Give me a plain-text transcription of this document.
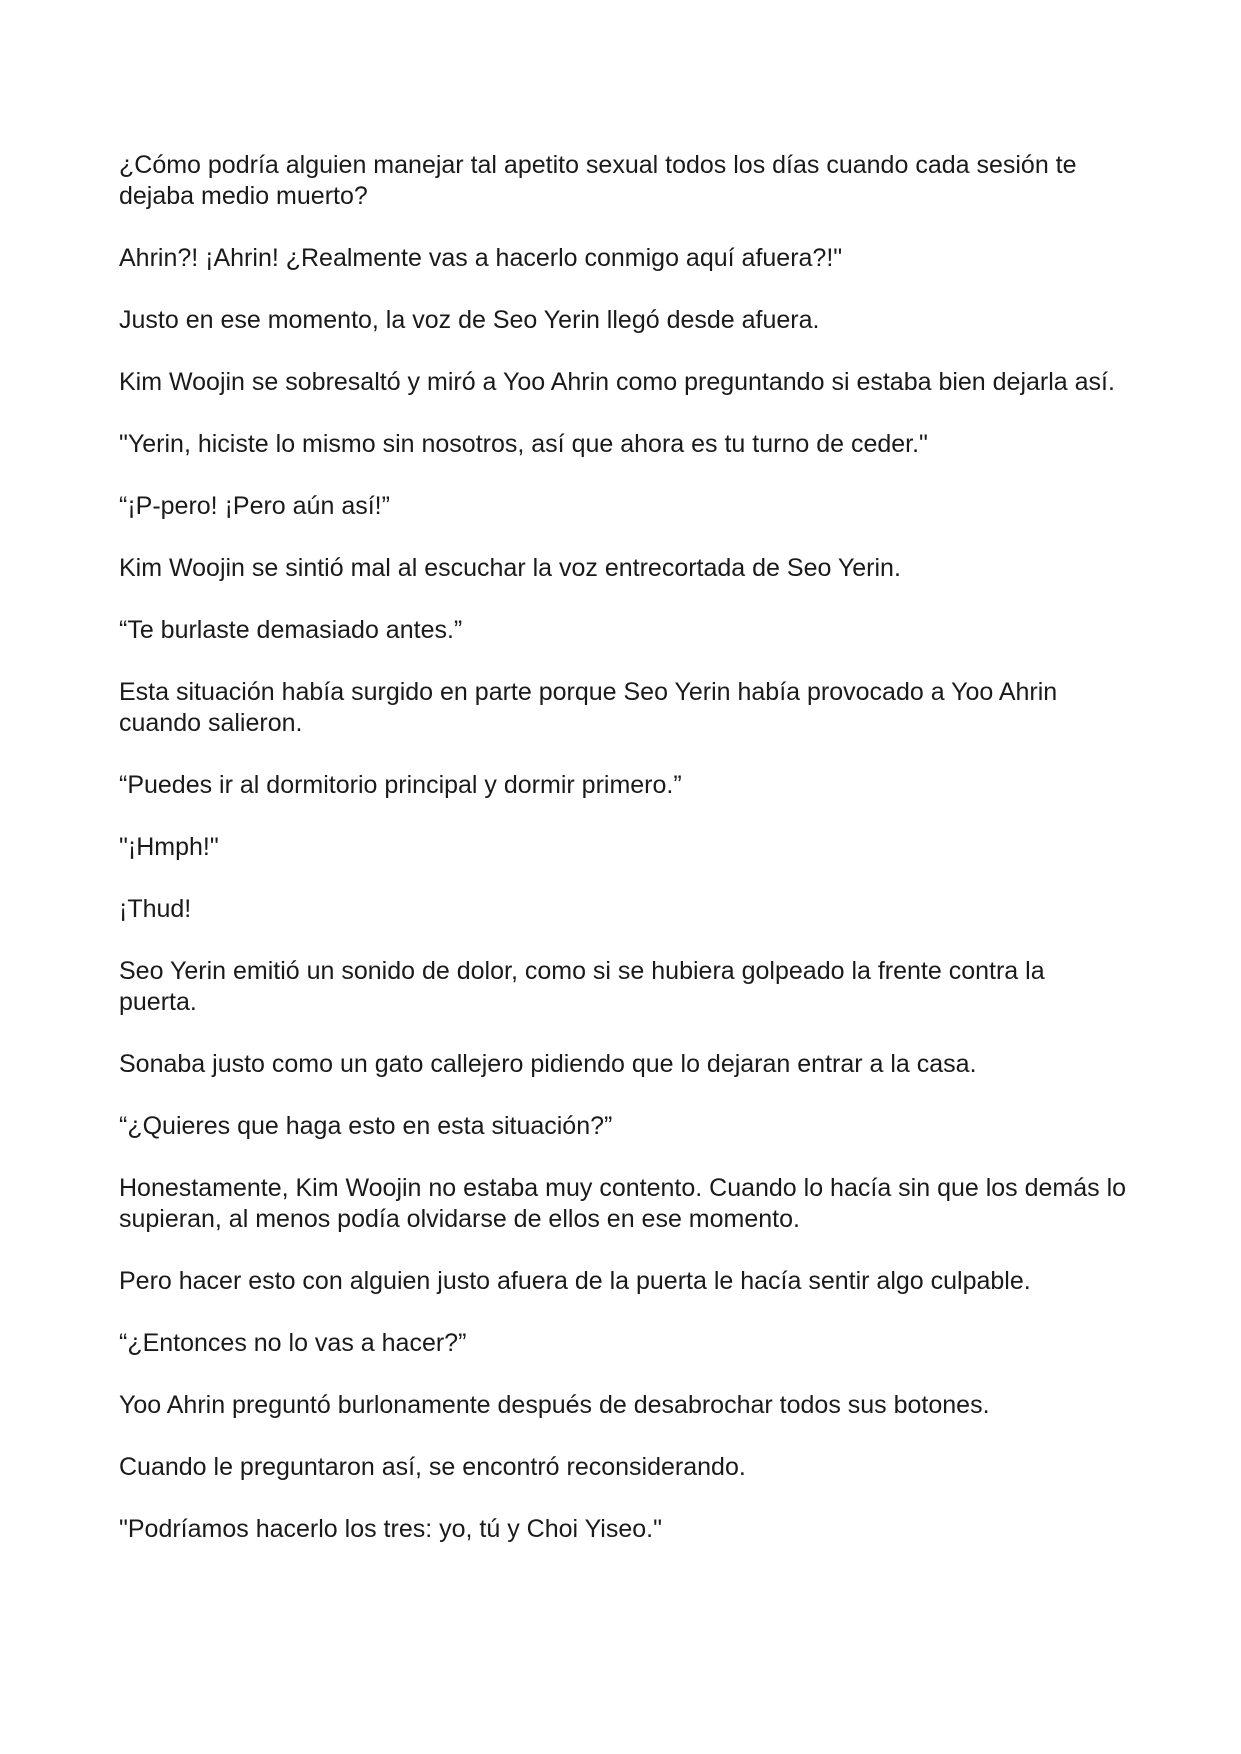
¿Cómo podría alguien manejar tal apetito sexual todos los días cuando cada sesión te dejaba medio muerto?

Ahrin?! ¡Ahrin! ¿Realmente vas a hacerlo conmigo aquí afuera?!"

Justo en ese momento, la voz de Seo Yerin llegó desde afuera.

Kim Woojin se sobresaltó y miró a Yoo Ahrin como preguntando si estaba bien dejarla así.

"Yerin, hiciste lo mismo sin nosotros, así que ahora es tu turno de ceder."

“¡P-pero! ¡Pero aún así!”

Kim Woojin se sintió mal al escuchar la voz entrecortada de Seo Yerin.

“Te burlaste demasiado antes.”

Esta situación había surgido en parte porque Seo Yerin había provocado a Yoo Ahrin cuando salieron.

“Puedes ir al dormitorio principal y dormir primero.”

"¡Hmph!"

¡Thud!

Seo Yerin emitió un sonido de dolor, como si se hubiera golpeado la frente contra la puerta.

Sonaba justo como un gato callejero pidiendo que lo dejaran entrar a la casa.

“¿Quieres que haga esto en esta situación?”

Honestamente, Kim Woojin no estaba muy contento. Cuando lo hacía sin que los demás lo supieran, al menos podía olvidarse de ellos en ese momento.

Pero hacer esto con alguien justo afuera de la puerta le hacía sentir algo culpable.

“¿Entonces no lo vas a hacer?”

Yoo Ahrin preguntó burlonamente después de desabrochar todos sus botones.

Cuando le preguntaron así, se encontró reconsiderando.

"Podríamos hacerlo los tres: yo, tú y Choi Yiseo."
